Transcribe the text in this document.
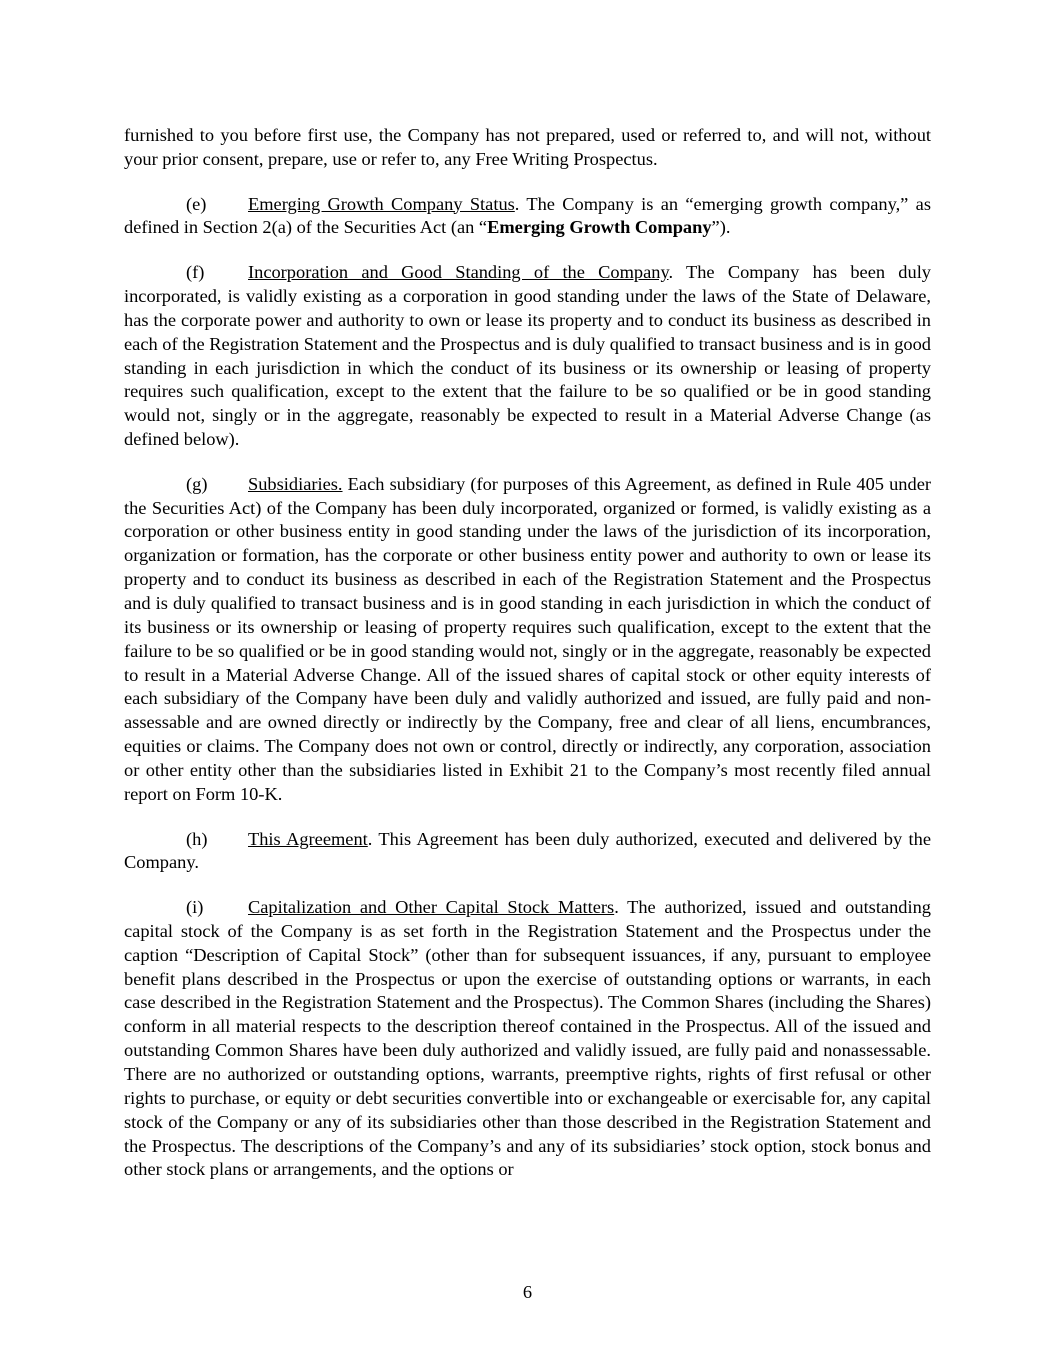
furnished to you before first use, the Company has not prepared, used or referred to, and will not, without your prior consent, prepare, use or refer to, any Free Writing Prospectus.

(e) Emerging Growth Company Status. The Company is an “emerging growth company,” as defined in Section 2(a) of the Securities Act (an “Emerging Growth Company”).

(f) Incorporation and Good Standing of the Company. The Company has been duly incorporated, is validly existing as a corporation in good standing under the laws of the State of Delaware, has the corporate power and authority to own or lease its property and to conduct its business as described in each of the Registration Statement and the Prospectus and is duly qualified to transact business and is in good standing in each jurisdiction in which the conduct of its business or its ownership or leasing of property requires such qualification, except to the extent that the failure to be so qualified or be in good standing would not, singly or in the aggregate, reasonably be expected to result in a Material Adverse Change (as defined below).

(g) Subsidiaries. Each subsidiary (for purposes of this Agreement, as defined in Rule 405 under the Securities Act) of the Company has been duly incorporated, organized or formed, is validly existing as a corporation or other business entity in good standing under the laws of the jurisdiction of its incorporation, organization or formation, has the corporate or other business entity power and authority to own or lease its property and to conduct its business as described in each of the Registration Statement and the Prospectus and is duly qualified to transact business and is in good standing in each jurisdiction in which the conduct of its business or its ownership or leasing of property requires such qualification, except to the extent that the failure to be so qualified or be in good standing would not, singly or in the aggregate, reasonably be expected to result in a Material Adverse Change. All of the issued shares of capital stock or other equity interests of each subsidiary of the Company have been duly and validly authorized and issued, are fully paid and non-assessable and are owned directly or indirectly by the Company, free and clear of all liens, encumbrances, equities or claims. The Company does not own or control, directly or indirectly, any corporation, association or other entity other than the subsidiaries listed in Exhibit 21 to the Company’s most recently filed annual report on Form 10-K.

(h) This Agreement. This Agreement has been duly authorized, executed and delivered by the Company.

(i) Capitalization and Other Capital Stock Matters. The authorized, issued and outstanding capital stock of the Company is as set forth in the Registration Statement and the Prospectus under the caption “Description of Capital Stock” (other than for subsequent issuances, if any, pursuant to employee benefit plans described in the Prospectus or upon the exercise of outstanding options or warrants, in each case described in the Registration Statement and the Prospectus). The Common Shares (including the Shares) conform in all material respects to the description thereof contained in the Prospectus. All of the issued and outstanding Common Shares have been duly authorized and validly issued, are fully paid and nonassessable. There are no authorized or outstanding options, warrants, preemptive rights, rights of first refusal or other rights to purchase, or equity or debt securities convertible into or exchangeable or exercisable for, any capital stock of the Company or any of its subsidiaries other than those described in the Registration Statement and the Prospectus. The descriptions of the Company’s and any of its subsidiaries’ stock option, stock bonus and other stock plans or arrangements, and the options or

6
